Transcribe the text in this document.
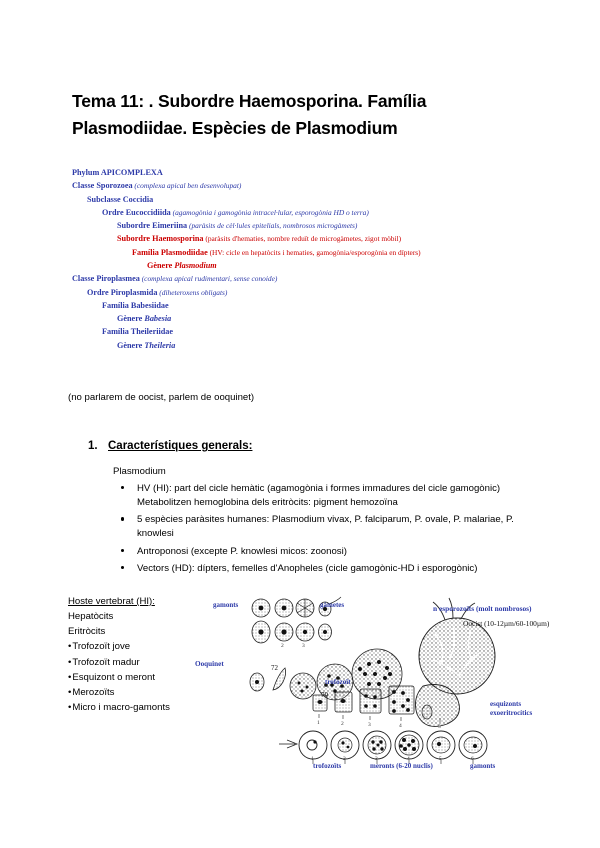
Tema 11: . Subordre Haemosporina. Família Plasmodiidae. Espècies de Plasmodium
Phylum APICOMPLEXA
Classe Sporozoea (complexa apical ben desenvolupat)
Subclasse Coccidia
Ordre Eucoccidiida (agamogònia i gamogònia intracel·lular, esporogònia HD o terra)
Subordre Eimeriina (paràsits de cèl·lules epitelials, nombrosos microgàmets)
Subordre Haemosporina (paràsits d'hematies, nombre reduït de microgàmetes, zigot mòbil)
Família Plasmodiidae (HV: cicle en hepatòcits i hematies, gamogònia/esporogònia en dípters)
Gènere Plasmodium
Classe Piroplasmea (complexa apical rudimentari, sense conoide)
Ordre Piroplasmida (diheteroxens obligats)
Família Babesiidae
Gènere Babesia
Família Theileriidae
Gènere Theileria
(no parlarem de oocist, parlem de ooquinet)
1. Característiques generals:
Plasmodium
HV (HI): part del cicle hemàtic (agamogònia i formes immadures del cicle gamogònic) Metabolitzen hemoglobina dels eritròcits: pigment hemozoïna
5 espècies paràsites humanes: Plasmodium vivax, P. falciparum, P. ovale, P. malariae, P. knowlesi
Antroponosi (excepte P. knowlesi micos: zoonosi)
Vectors (HD): dípters, femelles d'Anopheles (cicle gamogònic-HD i esporogònic)
Hoste vertebrat (HI):
Hepatòcits
Eritròcits
•Trofozoït jove
•Trofozoït madur
•Esquizont o meront
•Merozoïts
•Micro i macro-gamonts
2	3
1	2	3	4	5
1	2	3	4	5	6
gamonts	gàmetes	n esporozoïts (molt nombrosos)
Oocist (10-12µm/60-100µm)
Ooquinet
trofozoït
esquizonts exoeritrocítics
trofozoïts	meronts (6-20 nuclis)	gamonts
72
70
